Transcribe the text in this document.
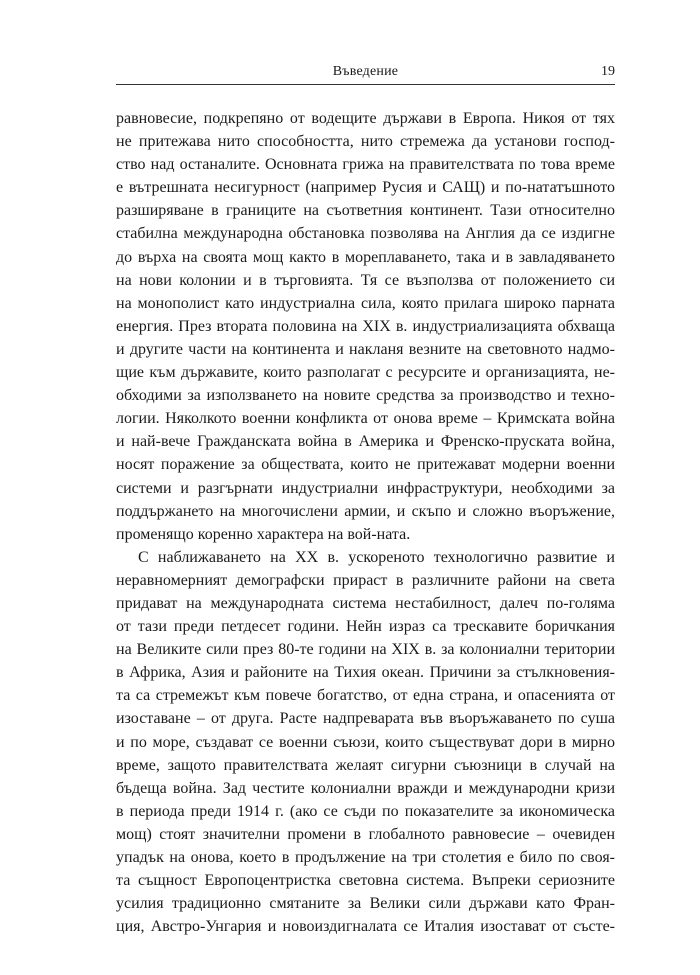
Въведение	19
равновесие, подкрепяно от водещите държави в Европа. Никоя от тях
не притежава нито способността, нито стремежа да установи господ-
ство над останалите. Основната грижа на правителствата по това време
е вътрешната несигурност (например Русия и САЩ) и по-нататъшното
разширяване в границите на съответния континент. Тази относително
стабилна международна обстановка позволява на Англия да се издигне
до върха на своята мощ както в мореплаването, така и в завладяването
на нови колонии и в търговията. Тя се възползва от положението си
на монополист като индустриална сила, която прилага широко парната
енергия. През втората половина на XIX в. индустриализацията обхваща
и другите части на континента и накланя везните на световното надмо-
щие към държавите, които разполагат с ресурсите и организацията, не-
обходими за използването на новите средства за производство и техно-
логии. Няколкото военни конфликта от онова време – Кримската война
и най-вече Гражданската война в Америка и Френско-пруската война,
носят поражение за обществата, които не притежават модерни военни
системи и разгърнати индустриални инфраструктури, необходими за
поддържането на многочислени армии, и скъпо и сложно въоръжение,
променящо коренно характера на вой-ната.
С наближаването на XX в. ускореното технологично развитие и
неравномерният демографски прираст в различните райони на света
придават на международната система нестабилност, далеч по-голяма
от тази преди петдесет години. Нейн израз са трескавите боричкания
на Великите сили през 80-те години на XIX в. за колониални територии
в Африка, Азия и районите на Тихия океан. Причини за стълкновения-
та са стремежът към повече богатство, от една страна, и опасенията от
изоставане – от друга. Расте надпреварата във въоръжаването по суша
и по море, създават се военни съюзи, които съществуват дори в мирно
време, защото правителствата желаят сигурни съюзници в случай на
бъдеща война. Зад честите колониални вражди и международни кризи
в периода преди 1914 г. (ако се съди по показателите за икономическа
мощ) стоят значителни промени в глобалното равновесие – очевиден
упадък на онова, което в продължение на три столетия е било по своя-
та същност Европоцентристка световна система. Въпреки сериозните
усилия традиционно смятаните за Велики сили държави като Фран-
ция, Австро-Унгария и новоиздигналата се Италия изостават от състе-
